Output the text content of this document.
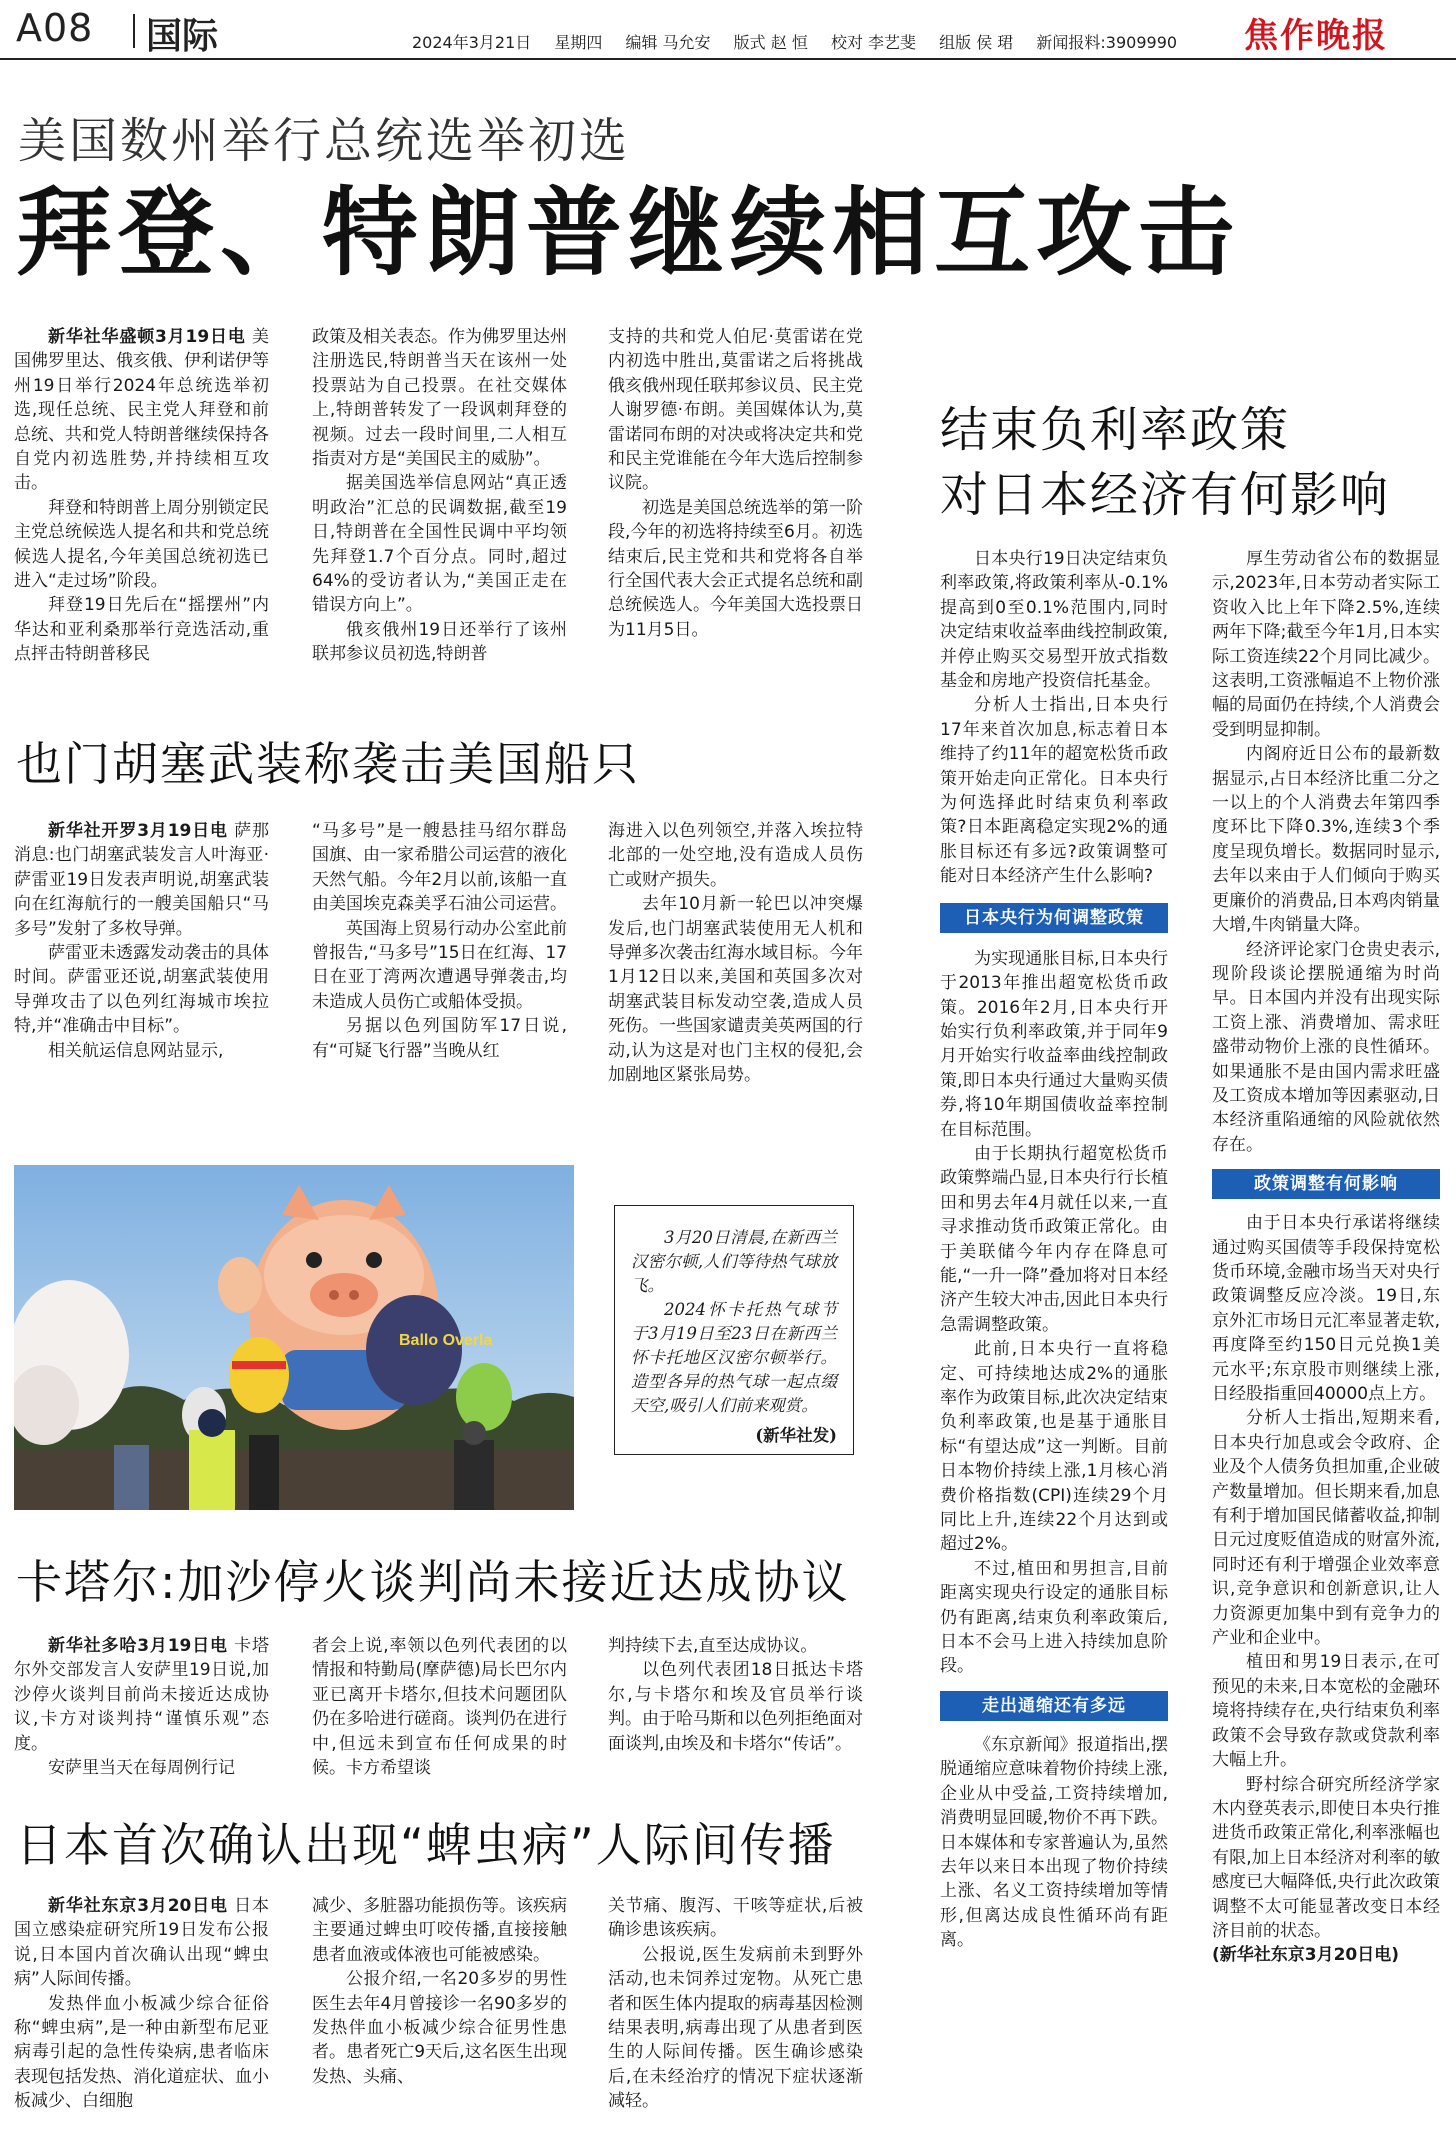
A08 国际	2024年3月21日 星期四 编辑 马允安 版式 赵 恒 校对 李艺斐 组版 侯 珺 新闻报料:3909990	焦作晚报
美国数州举行总统选举初选
拜登、特朗普继续相互攻击

新华社华盛顿3月19日电 美国佛罗里达、俄亥俄、伊利诺伊等州19日举行2024年总统选举初选,现任总统、民主党人拜登和前总统、共和党人特朗普继续保持各自党内初选胜势,并持续相互攻击。

拜登和特朗普上周分别锁定民主党总统候选人提名和共和党总统候选人提名,今年美国总统初选已进入“走过场”阶段。

拜登19日先后在“摇摆州”内华达和亚利桑那举行竞选活动,重点抨击特朗普移民

政策及相关表态。作为佛罗里达州注册选民,特朗普当天在该州一处投票站为自己投票。在社交媒体上,特朗普转发了一段讽刺拜登的视频。过去一段时间里,二人相互指责对方是“美国民主的威胁”。

据美国选举信息网站“真正透明政治”汇总的民调数据,截至19日,特朗普在全国性民调中平均领先拜登1.7个百分点。同时,超过64%的受访者认为,“美国正走在错误方向上”。

俄亥俄州19日还举行了该州联邦参议员初选,特朗普

支持的共和党人伯尼·莫雷诺在党内初选中胜出,莫雷诺之后将挑战俄亥俄州现任联邦参议员、民主党人谢罗德·布朗。美国媒体认为,莫雷诺同布朗的对决或将决定共和党和民主党谁能在今年大选后控制参议院。

初选是美国总统选举的第一阶段,今年的初选将持续至6月。初选结束后,民主党和共和党将各自举行全国代表大会正式提名总统和副总统候选人。今年美国大选投票日为11月5日。

也门胡塞武装称袭击美国船只

新华社开罗3月19日电 萨那消息:也门胡塞武装发言人叶海亚·萨雷亚19日发表声明说,胡塞武装向在红海航行的一艘美国船只“马多号”发射了多枚导弹。

萨雷亚未透露发动袭击的具体时间。萨雷亚还说,胡塞武装使用导弹攻击了以色列红海城市埃拉特,并“准确击中目标”。

相关航运信息网站显示,

“马多号”是一艘悬挂马绍尔群岛国旗、由一家希腊公司运营的液化天然气船。今年2月以前,该船一直由美国埃克森美孚石油公司运营。

英国海上贸易行动办公室此前曾报告,“马多号”15日在红海、17日在亚丁湾两次遭遇导弹袭击,均未造成人员伤亡或船体受损。

另据以色列国防军17日说,有“可疑飞行器”当晚从红

海进入以色列领空,并落入埃拉特北部的一处空地,没有造成人员伤亡或财产损失。

去年10月新一轮巴以冲突爆发后,也门胡塞武装使用无人机和导弹多次袭击红海水域目标。今年1月12日以来,美国和英国多次对胡塞武装目标发动空袭,造成人员死伤。一些国家谴责美英两国的行动,认为这是对也门主权的侵犯,会加剧地区紧张局势。

Ballo Overla

3月20日清晨,在新西兰汉密尔顿,人们等待热气球放飞。

2024怀卡托热气球节于3月19日至23日在新西兰怀卡托地区汉密尔顿举行。造型各异的热气球一起点缀天空,吸引人们前来观赏。

(新华社发)

卡塔尔:加沙停火谈判尚未接近达成协议

新华社多哈3月19日电 卡塔尔外交部发言人安萨里19日说,加沙停火谈判目前尚未接近达成协议,卡方对谈判持“谨慎乐观”态度。

安萨里当天在每周例行记

者会上说,率领以色列代表团的以情报和特勤局(摩萨德)局长巴尔内亚已离开卡塔尔,但技术问题团队仍在多哈进行磋商。谈判仍在进行中,但远未到宣布任何成果的时候。卡方希望谈

判持续下去,直至达成协议。

以色列代表团18日抵达卡塔尔,与卡塔尔和埃及官员举行谈判。由于哈马斯和以色列拒绝面对面谈判,由埃及和卡塔尔“传话”。

日本首次确认出现“蜱虫病”人际间传播

新华社东京3月20日电 日本国立感染症研究所19日发布公报说,日本国内首次确认出现“蜱虫病”人际间传播。

发热伴血小板减少综合征俗称“蜱虫病”,是一种由新型布尼亚病毒引起的急性传染病,患者临床表现包括发热、消化道症状、血小板减少、白细胞

减少、多脏器功能损伤等。该疾病主要通过蜱虫叮咬传播,直接接触患者血液或体液也可能被感染。

公报介绍,一名20多岁的男性医生去年4月曾接诊一名90多岁的发热伴血小板减少综合征男性患者。患者死亡9天后,这名医生出现发热、头痛、

关节痛、腹泻、干咳等症状,后被确诊患该疾病。

公报说,医生发病前未到野外活动,也未饲养过宠物。从死亡患者和医生体内提取的病毒基因检测结果表明,病毒出现了从患者到医生的人际间传播。医生确诊感染后,在未经治疗的情况下症状逐渐减轻。

结束负利率政策
对日本经济有何影响

日本央行19日决定结束负利率政策,将政策利率从-0.1%提高到0至0.1%范围内,同时决定结束收益率曲线控制政策,并停止购买交易型开放式指数基金和房地产投资信托基金。

分析人士指出,日本央行17年来首次加息,标志着日本维持了约11年的超宽松货币政策开始走向正常化。日本央行为何选择此时结束负利率政策?日本距离稳定实现2%的通胀目标还有多远?政策调整可能对日本经济产生什么影响?

日本央行为何调整政策

为实现通胀目标,日本央行于2013年推出超宽松货币政策。2016年2月,日本央行开始实行负利率政策,并于同年9月开始实行收益率曲线控制政策,即日本央行通过大量购买债券,将10年期国债收益率控制在目标范围。

由于长期执行超宽松货币政策弊端凸显,日本央行行长植田和男去年4月就任以来,一直寻求推动货币政策正常化。由于美联储今年内存在降息可能,“一升一降”叠加将对日本经济产生较大冲击,因此日本央行急需调整政策。

此前,日本央行一直将稳定、可持续地达成2%的通胀率作为政策目标,此次决定结束负利率政策,也是基于通胀目标“有望达成”这一判断。目前日本物价持续上涨,1月核心消费价格指数(CPI)连续29个月同比上升,连续22个月达到或超过2%。

不过,植田和男担言,目前距离实现央行设定的通胀目标仍有距离,结束负利率政策后,日本不会马上进入持续加息阶段。

走出通缩还有多远

《东京新闻》报道指出,摆脱通缩应意味着物价持续上涨,企业从中受益,工资持续增加,消费明显回暖,物价不再下跌。日本媒体和专家普遍认为,虽然去年以来日本出现了物价持续上涨、名义工资持续增加等情形,但离达成良性循环尚有距离。

厚生劳动省公布的数据显示,2023年,日本劳动者实际工资收入比上年下降2.5%,连续两年下降;截至今年1月,日本实际工资连续22个月同比减少。这表明,工资涨幅追不上物价涨幅的局面仍在持续,个人消费会受到明显抑制。

内阁府近日公布的最新数据显示,占日本经济比重二分之一以上的个人消费去年第四季度环比下降0.3%,连续3个季度呈现负增长。数据同时显示,去年以来由于人们倾向于购买更廉价的消费品,日本鸡肉销量大增,牛肉销量大降。

经济评论家门仓贵史表示,现阶段谈论摆脱通缩为时尚早。日本国内并没有出现实际工资上涨、消费增加、需求旺盛带动物价上涨的良性循环。如果通胀不是由国内需求旺盛及工资成本增加等因素驱动,日本经济重陷通缩的风险就依然存在。

政策调整有何影响

由于日本央行承诺将继续通过购买国债等手段保持宽松货币环境,金融市场当天对央行政策调整反应冷淡。19日,东京外汇市场日元汇率显著走软,再度降至约150日元兑换1美元水平;东京股市则继续上涨,日经股指重回40000点上方。

分析人士指出,短期来看,日本央行加息或会令政府、企业及个人债务负担加重,企业破产数量增加。但长期来看,加息有利于增加国民储蓄收益,抑制日元过度贬值造成的财富外流,同时还有利于增强企业效率意识,竞争意识和创新意识,让人力资源更加集中到有竞争力的产业和企业中。

植田和男19日表示,在可预见的未来,日本宽松的金融环境将持续存在,央行结束负利率政策不会导致存款或贷款利率大幅上升。

野村综合研究所经济学家木内登英表示,即使日本央行推进货币政策正常化,利率涨幅也有限,加上日本经济对利率的敏感度已大幅降低,央行此次政策调整不太可能显著改变日本经济目前的状态。

(新华社东京3月20日电)
